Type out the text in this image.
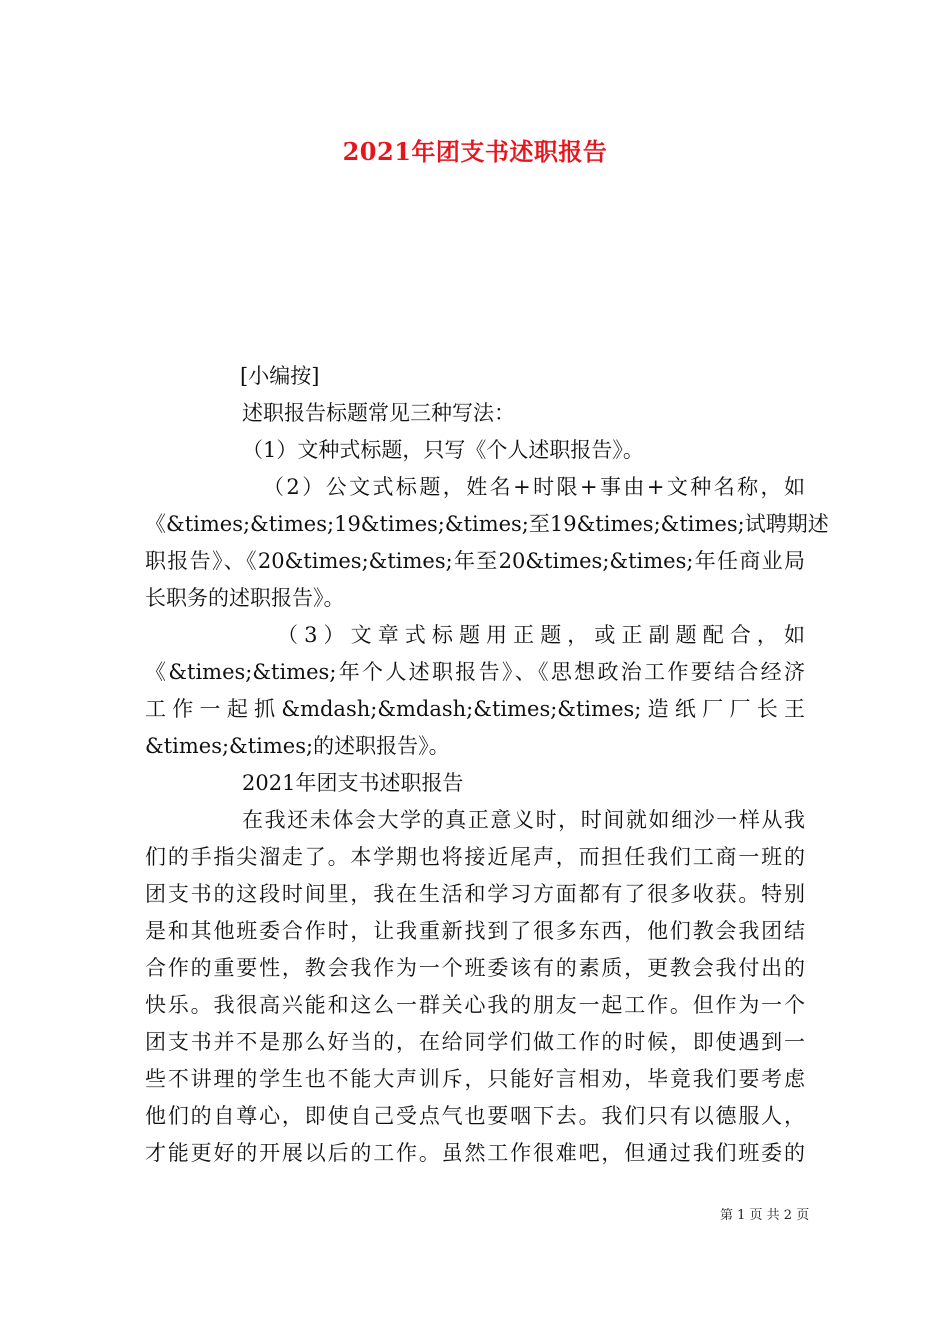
2021年团支书述职报告
[小编按]
述职报告标题常见三种写法：
（1）文种式标题，只写《个人述职报告》。
（2）公文式标题，姓名+时限+事由+文种名称，如
《&times;&times;19&times;&times;至19&times;&times;试聘期述
职报告》、《20&times;&times;年至20&times;&times;年任商业局
长职务的述职报告》。
（3）文章式标题用正题，或正副题配合，如
《&times;&times;年个人述职报告》、《思想政治工作要结合经济
工作一起抓&mdash;&mdash;&times;&times;造纸厂厂长王
&times;&times;的述职报告》。
2021年团支书述职报告
在我还未体会大学的真正意义时，时间就如细沙一样从我
们的手指尖溜走了。本学期也将接近尾声，而担任我们工商一班的
团支书的这段时间里，我在生活和学习方面都有了很多收获。特别
是和其他班委合作时，让我重新找到了很多东西，他们教会我团结
合作的重要性，教会我作为一个班委该有的素质，更教会我付出的
快乐。我很高兴能和这么一群关心我的朋友一起工作。但作为一个
团支书并不是那么好当的，在给同学们做工作的时候，即使遇到一
些不讲理的学生也不能大声训斥，只能好言相劝，毕竟我们要考虑
他们的自尊心，即使自己受点气也要咽下去。我们只有以德服人，
才能更好的开展以后的工作。虽然工作很难吧，但通过我们班委的
第 1 页 共 2 页
